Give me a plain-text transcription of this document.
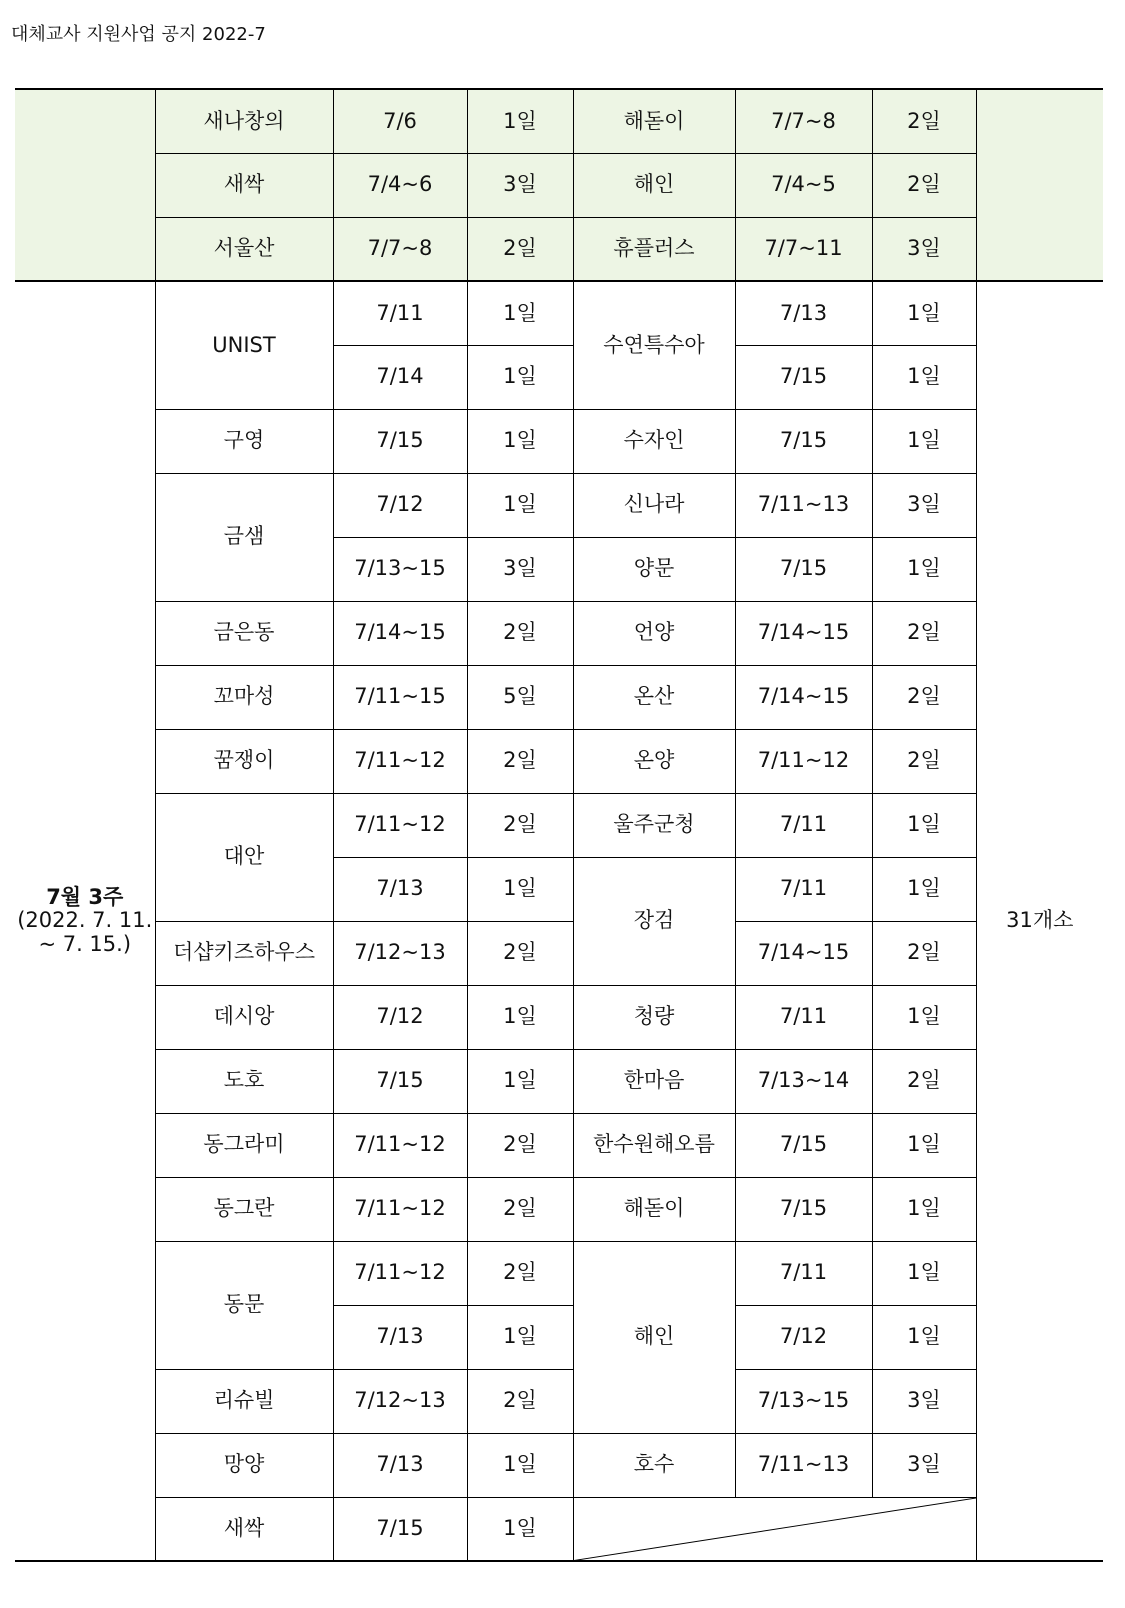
대체교사 지원사업 공지 2022-7
	새나창의	7/6	1일	해돋이	7/7~8	2일	
	새싹	7/4~6	3일	해인	7/4~5	2일	
	서울산	7/7~8	2일	휴플러스	7/7~11	3일	

7월 3주
(2022. 7. 11.
~ 7. 15.)	UNIST	7/11	1일	수연특수아	7/13	1일	31개소
		7/14	1일		7/15	1일	
	구영	7/15	1일	수자인	7/15	1일	
	금샘	7/12	1일	신나라	7/11~13	3일	
		7/13~15	3일	양문	7/15	1일	
	금은동	7/14~15	2일	언양	7/14~15	2일	
	꼬마성	7/11~15	5일	온산	7/14~15	2일	
	꿈쟁이	7/11~12	2일	온양	7/11~12	2일	
	대안	7/11~12	2일	울주군청	7/11	1일	
		7/13	1일	장검	7/11	1일	
	더샵키즈하우스	7/12~13	2일		7/14~15	2일	
	데시앙	7/12	1일	청량	7/11	1일	
	도호	7/15	1일	한마음	7/13~14	2일	
	동그라미	7/11~12	2일	한수원해오름	7/15	1일	
	동그란	7/11~12	2일	해돋이	7/15	1일	
	동문	7/11~12	2일	해인	7/11	1일	
		7/13	1일		7/12	1일	
	리슈빌	7/12~13	2일		7/13~15	3일	
	망양	7/13	1일	호수	7/11~13	3일	
	새싹	7/15	1일	
